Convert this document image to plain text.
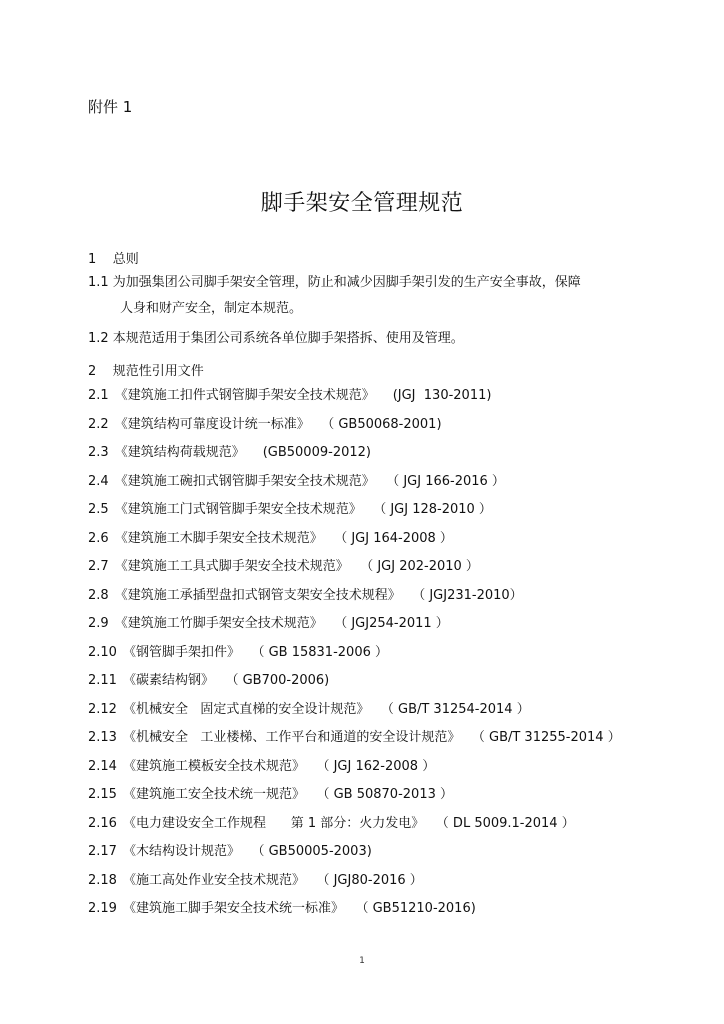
附件 1
脚手架安全管理规范
1    总则
1.1 为加强集团公司脚手架安全管理，防止和减少因脚手架引发的生产安全事故，保障
人身和财产安全，制定本规范。
1.2 本规范适用于集团公司系统各单位脚手架搭拆、使用及管理。
2    规范性引用文件
2.1 《建筑施工扣件式钢管脚手架安全技术规范》 (JGJ  130-2011)
2.2 《建筑结构可靠度设计统一标准》 （ GB50068-2001)
2.3 《建筑结构荷载规范》 (GB50009-2012)
2.4 《建筑施工碗扣式钢管脚手架安全技术规范》 （ JGJ 166-2016 ）
2.5 《建筑施工门式钢管脚手架安全技术规范》 （ JGJ 128-2010 ）
2.6 《建筑施工木脚手架安全技术规范》 （ JGJ 164-2008 ）
2.7 《建筑施工工具式脚手架安全技术规范》 （ JGJ 202-2010 ）
2.8 《建筑施工承插型盘扣式钢管支架安全技术规程》 （ JGJ231-2010）
2.9 《建筑施工竹脚手架安全技术规范》 （ JGJ254-2011 ）
2.10 《钢管脚手架扣件》 （ GB 15831-2006 ）
2.11 《碳素结构钢》 （ GB700-2006)
2.12 《机械安全   固定式直梯的安全设计规范》 （ GB/T 31254-2014 ）
2.13 《机械安全   工业楼梯、工作平台和通道的安全设计规范》 （ GB/T 31255-2014 ）
2.14 《建筑施工模板安全技术规范》 （ JGJ 162-2008 ）
2.15 《建筑施工安全技术统一规范》 （ GB 50870-2013 ）
2.16 《电力建设安全工作规程      第 1 部分：火力发电》 （ DL 5009.1-2014 ）
2.17 《木结构设计规范》 （ GB50005-2003)
2.18 《施工高处作业安全技术规范》 （ JGJ80-2016 ）
2.19 《建筑施工脚手架安全技术统一标准》 （ GB51210-2016)
1
